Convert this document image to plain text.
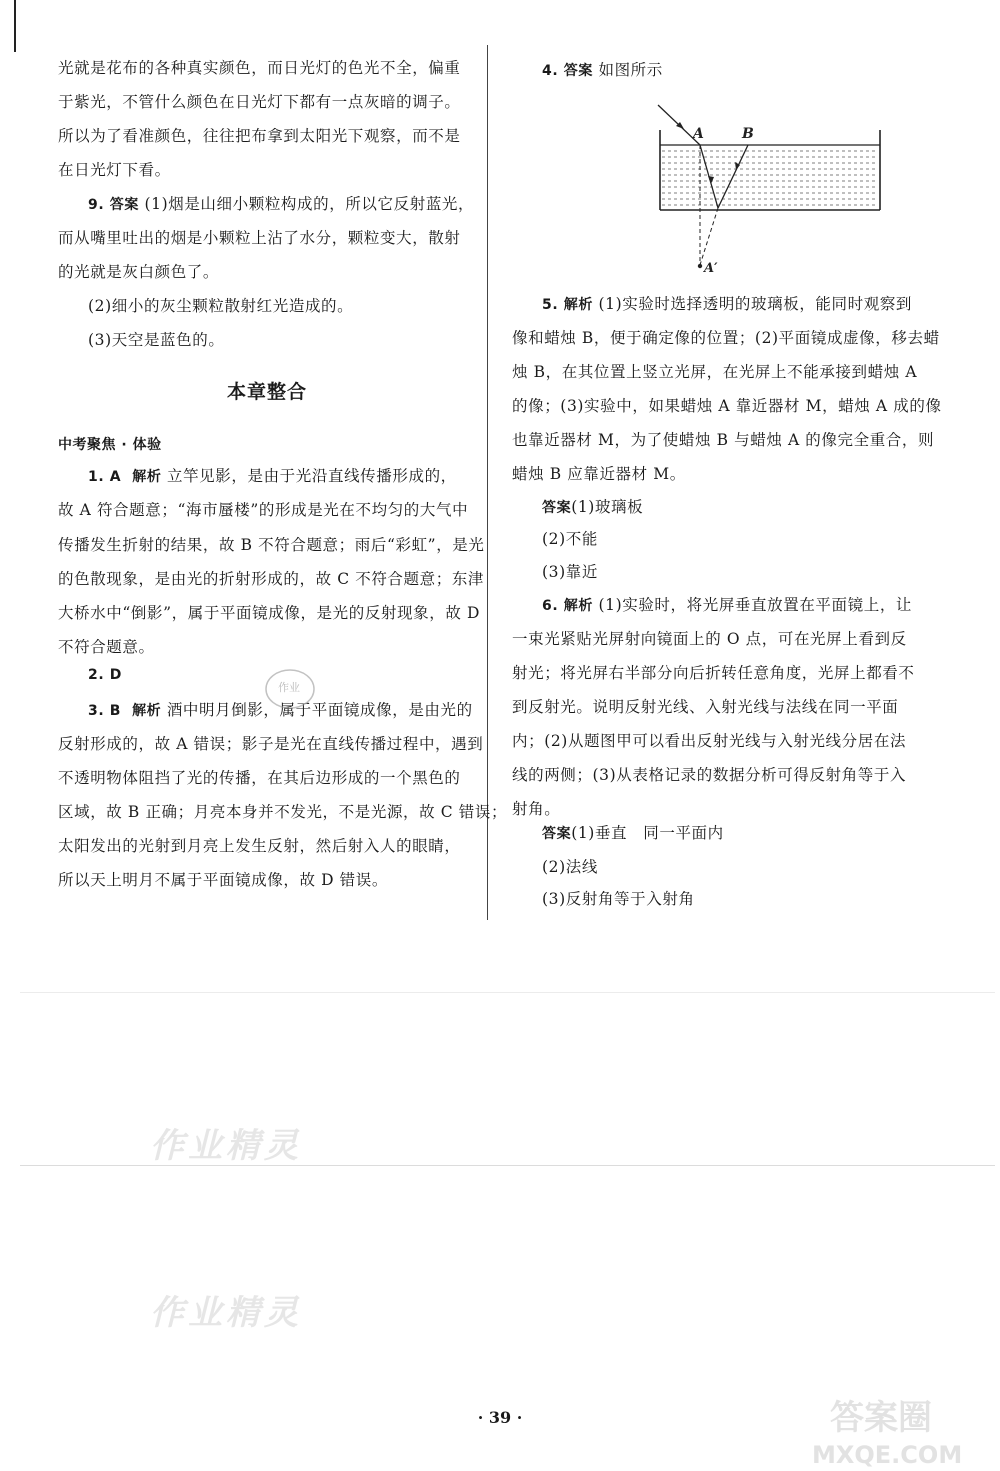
光就是花布的各种真实颜色，而日光灯的色光不全，偏重
于紫光，不管什么颜色在日光灯下都有一点灰暗的调子。
所以为了看准颜色，往往把布拿到太阳光下观察，而不是
在日光灯下看。
9. 答案 (1)烟是山细小颗粒构成的，所以它反射蓝光，
而从嘴里吐出的烟是小颗粒上沾了水分，颗粒变大，散射
的光就是灰白颜色了。
(2)细小的灰尘颗粒散射红光造成的。
(3)天空是蓝色的。
本章整合
中考聚焦 · 体验
1. A 解析 立竿见影，是由于光沿直线传播形成的，
故 A 符合题意；“海市蜃楼”的形成是光在不均匀的大气中
传播发生折射的结果，故 B 不符合题意；雨后“彩虹”，是光
的色散现象，是由光的折射形成的，故 C 不符合题意；东津
大桥水中“倒影”，属于平面镜成像，是光的反射现象，故 D
不符合题意。
2. D
3. B 解析 酒中明月倒影，属于平面镜成像，是由光的
反射形成的，故 A 错误；影子是光在直线传播过程中，遇到
不透明物体阻挡了光的传播，在其后边形成的一个黑色的
区域，故 B 正确；月亮本身并不发光，不是光源，故 C 错误；
太阳发出的光射到月亮上发生反射，然后射入人的眼睛，
所以天上明月不属于平面镜成像，故 D 错误。
作业
4. 答案 如图所示
A	B
A′
5. 解析 (1)实验时选择透明的玻璃板，能同时观察到
像和蜡烛 B，便于确定像的位置；(2)平面镜成虚像，移去蜡
烛 B，在其位置上竖立光屏，在光屏上不能承接到蜡烛 A
的像；(3)实验中，如果蜡烛 A 靠近器材 M，蜡烛 A 成的像
也靠近器材 M，为了使蜡烛 B 与蜡烛 A 的像完全重合，则
蜡烛 B 应靠近器材 M。
答案(1)玻璃板
(2)不能
(3)靠近
6. 解析 (1)实验时，将光屏垂直放置在平面镜上，让
一束光紧贴光屏射向镜面上的 O 点，可在光屏上看到反
射光；将光屏右半部分向后折转任意角度，光屏上都看不
到反射光。说明反射光线、入射光线与法线在同一平面
内；(2)从题图甲可以看出反射光线与入射光线分居在法
线的两侧；(3)从表格记录的数据分析可得反射角等于入
射角。
答案(1)垂直　同一平面内
(2)法线
(3)反射角等于入射角
作业精灵
作业精灵
· 39 ·	答案圈
MXQE.COM
